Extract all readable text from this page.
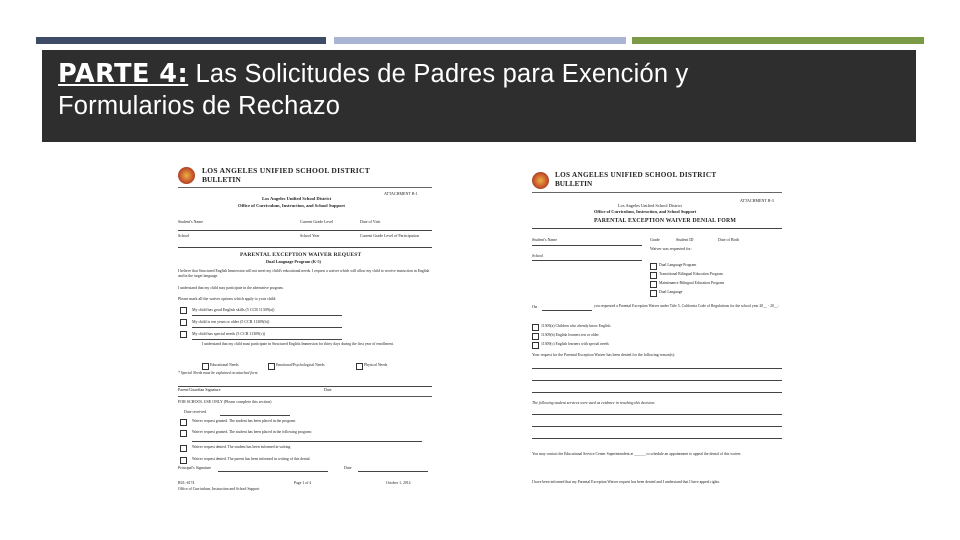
PARTE 4: Las Solicitudes de Padres para Exención y
Formularios de Rechazo
LOS ANGELES UNIFIED SCHOOL DISTRICT
BULLETIN
ATTACHMENT B-1
Los Angeles Unified School District
Office of Curriculum, Instruction, and School Support
Student's Name	Current Grade Level	Date of Visit
School	School Year	Current Grade Level of Participation
PARENTAL EXCEPTION WAIVER REQUEST
Dual Language Program (K-5)
I believe that Structured English Immersion will not meet my child's educational needs. I request a waiver which will allow my child to receive instruction in English and in the target language.
I understand that my child may participate in the alternative program.
Please mark all the waiver options which apply to your child:
My child has good English skills (5 CCR 11309(a))
My child is ten years or older (5 CCR 11309(b))
My child has special needs (5 CCR 11309(c))
I understand that my child must participate in Structured English Immersion for thirty days during the first year of enrollment.
Educational Needs	Emotional/Psychological Needs	Physical Needs
* Special Needs must be explained on attached form
Parent/Guardian Signature	Date
FOR SCHOOL USE ONLY (Please complete this section)
Date received
Waiver request granted. The student has been placed in the program.
Waiver request granted. The student has been placed in the following program:
Waiver request denied. The student has been informed in writing.
Waiver request denied. The parent has been informed in writing of this denial.
Principal's Signature	Date
BUL-6174
Office of Curriculum, Instruction and School Support
Page 1 of 4	October 1, 2014
LOS ANGELES UNIFIED SCHOOL DISTRICT
BULLETIN
ATTACHMENT B-3
Los Angeles Unified School District
Office of Curriculum, Instruction, and School Support
PARENTAL EXCEPTION WAIVER DENIAL FORM
Student's Name	Grade	Student ID	Date of Birth
Waiver was requested for:
School
Dual Language Program
Transitional Bilingual Education Program
Maintenance Bilingual Education Program
Dual Language
On	you requested a Parental Exception Waiver under Title 5, California Code of Regulations for the school year 20__ - 20__:
11309(a) Children who already know English
11309(b) English learners ten or older
11309(c) English learners with special needs
Your request for the Parental Exception Waiver has been denied for the following reason(s):
The following student services were used as evidence in reaching this decision:
You may contact the Educational Service Center Superintendent at ______ to schedule an appointment to appeal the denial of this waiver.
I have been informed that my Parental Exception Waiver request has been denied and I understand that I have appeal rights.
